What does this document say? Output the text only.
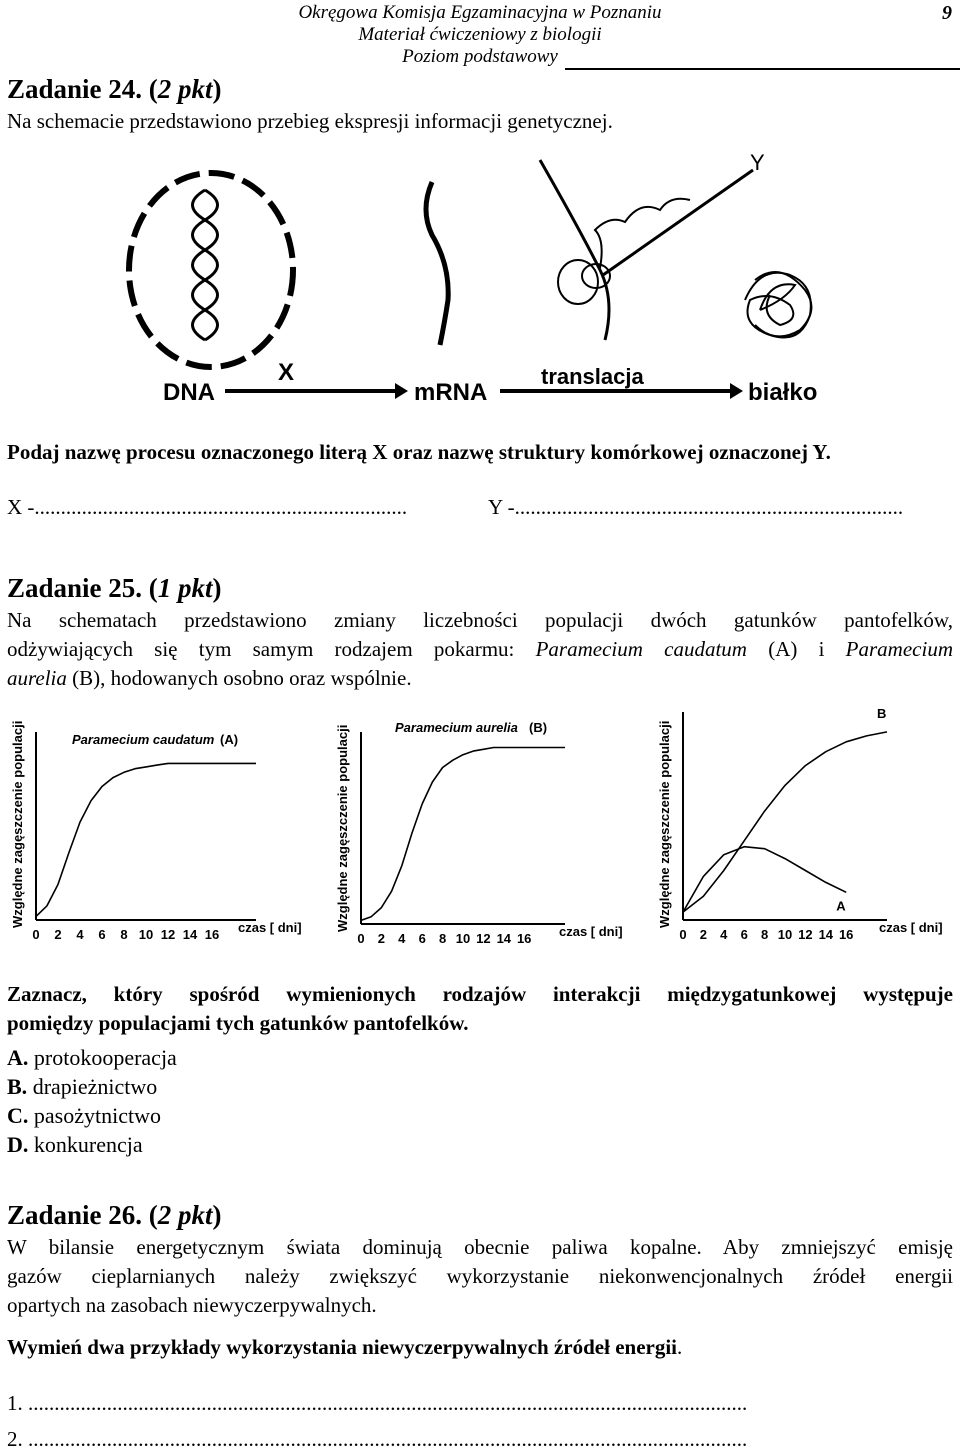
Okręgowa Komisja Egzaminacyjna w Poznaniu
Materiał ćwiczeniowy z biologii
Poziom podstawowy
9
Zadanie 24. (2 pkt)
Na schemacie przedstawiono przebieg ekspresji informacji genetycznej.
Y
X
DNA	mRNA
translacja
białko
Podaj nazwę procesu oznaczonego literą X oraz nazwę struktury komórkowej oznaczonej Y.
X -.......................................................................	Y -..........................................................................
Zadanie 25. (1 pkt)
Na schematach przedstawiono zmiany liczebności populacji dwóch gatunków pantofelków,
odżywiających się tym samym rodzajem pokarmu: Paramecium caudatum (A) i Paramecium
aurelia (B), hodowanych osobno oraz wspólnie.
Względne zagęszczenie populacji
0 2 4 6 8 10 12 14 16 czas [ dni]
Paramecium caudatum (A)	Względne zagęszczenie populacji
0 2 4 6 8 10 12 14 16 czas [ dni]
Paramecium aurelia (B)	Względne zagęszczenie populacji
0 2 4 6 8 10 12 14 16 czas [ dni]
B
A
Zaznacz, który spośród wymienionych rodzajów interakcji międzygatunkowej występuje
pomiędzy populacjami tych gatunków pantofelków.
A. protokooperacja
B. drapieżnictwo
C. pasożytnictwo
D. konkurencja
Zadanie 26. (2 pkt)
W bilansie energetycznym świata dominują obecnie paliwa kopalne. Aby zmniejszyć emisję
gazów cieplarnianych należy zwiększyć wykorzystanie niekonwencjonalnych źródeł energii
opartych na zasobach niewyczerpywalnych.
Wymień dwa przykłady wykorzystania niewyczerpywalnych źródeł energii.
1. .........................................................................................................................................
2. .........................................................................................................................................
